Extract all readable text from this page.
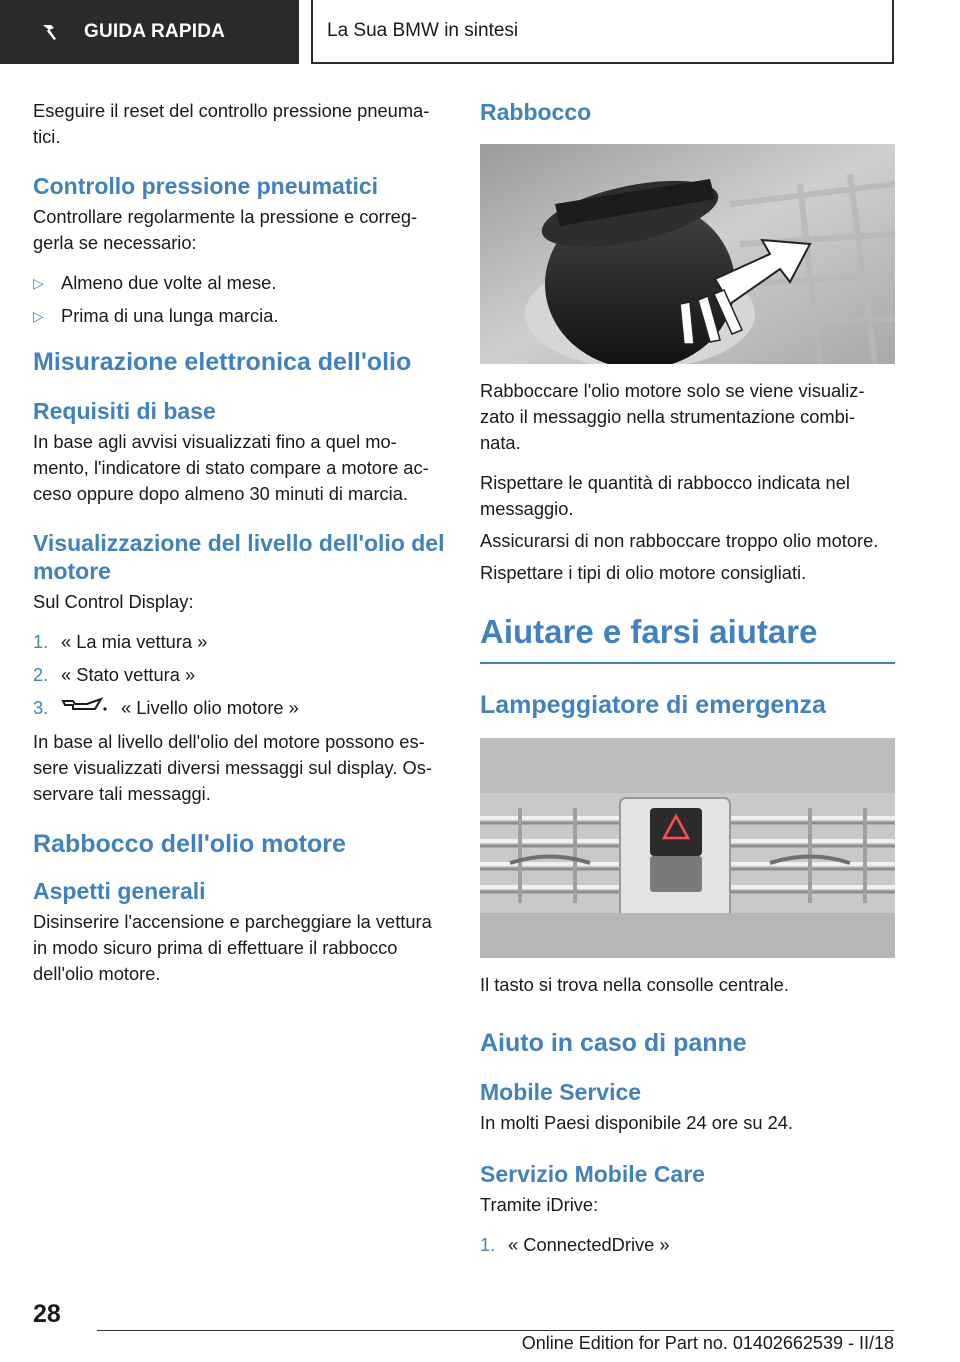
GUIDA RAPIDA	La Sua BMW in sintesi

Eseguire il reset del controllo pressione pneuma-tici.

Controllo pressione pneumatici

Controllare regolarmente la pressione e correg-gerla se necessario:

▷ Almeno due volte al mese.
▷ Prima di una lunga marcia.
Misurazione elettronica dell'olio
Requisiti di base

In base agli avvisi visualizzati fino a quel mo-mento, l'indicatore di stato compare a motore ac-ceso oppure dopo almeno 30 minuti di marcia.

Visualizzazione del livello dell'olio del motore

Sul Control Display:

1. « La mia vettura »
2. « Stato vettura »
3.	« Livello olio motore »

In base al livello dell'olio del motore possono es-sere visualizzati diversi messaggi sul display. Os-servare tali messaggi.

Rabbocco dell'olio motore
Aspetti generali

Disinserire l'accensione e parcheggiare la vettura in modo sicuro prima di effettuare il rabbocco dell'olio motore.

Rabbocco

Rabboccare l'olio motore solo se viene visualiz-zato il messaggio nella strumentazione combi-nata.

Rispettare le quantità di rabbocco indicata nel messaggio.

Assicurarsi di non rabboccare troppo olio motore.

Rispettare i tipi di olio motore consigliati.

Aiutare e farsi aiutare
Lampeggiatore di emergenza

Il tasto si trova nella consolle centrale.

Aiuto in caso di panne
Mobile Service

In molti Paesi disponibile 24 ore su 24.

Servizio Mobile Care

Tramite iDrive:

1. « ConnectedDrive »
28
Online Edition for Part no. 01402662539 - II/18
